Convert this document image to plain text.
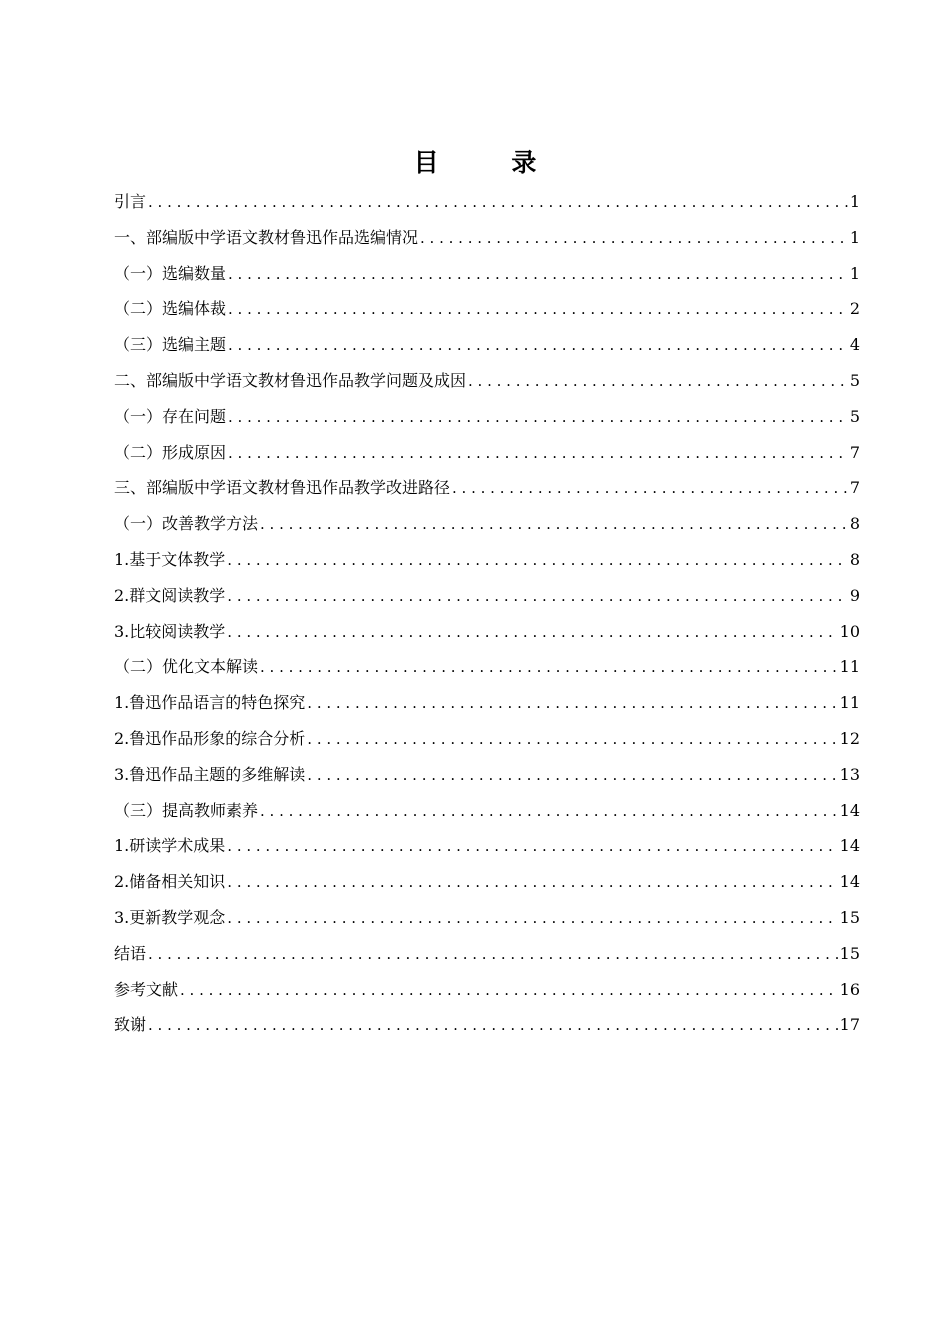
目 录
引言 . . .	1
一、部编版中学语文教材鲁迅作品选编情况 . . .	1
（一）选编数量 . . .	1
（二）选编体裁 . . .	2
（三）选编主题 . . .	4
二、部编版中学语文教材鲁迅作品教学问题及成因 . . .	5
（一）存在问题 . . .	5
（二）形成原因 . . .	7
三、部编版中学语文教材鲁迅作品教学改进路径 . . .	7
（一）改善教学方法 . . .	8
1.基于文体教学 . . .	8
2.群文阅读教学 . . .	9
3.比较阅读教学 . . .	10
（二）优化文本解读 . . .	11
1.鲁迅作品语言的特色探究 . . .	11
2.鲁迅作品形象的综合分析 . . .	12
3.鲁迅作品主题的多维解读 . . .	13
（三）提高教师素养 . . .	14
1.研读学术成果 . . .	14
2.储备相关知识 . . .	14
3.更新教学观念 . . .	15
结语 . . .	15
参考文献 . . .	16
致谢 . . .	17
